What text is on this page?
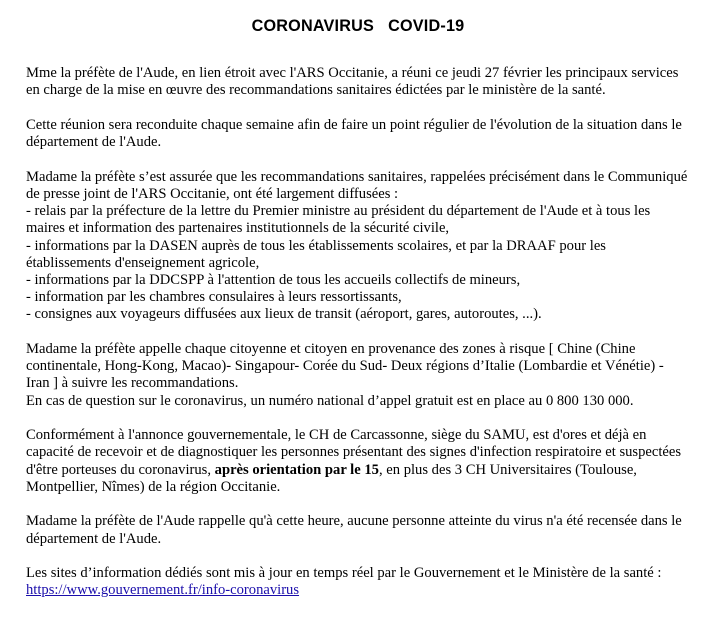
CORONAVIRUS   COVID-19

Mme la préfète de l'Aude, en lien étroit avec l'ARS Occitanie, a réuni ce jeudi 27 février les principaux services en charge de la mise en œuvre des recommandations sanitaires édictées par le ministère de la santé.

Cette réunion sera reconduite chaque semaine afin de faire un point régulier de l'évolution de la situation dans le département de l'Aude.

Madame la préfète s’est assurée que les recommandations sanitaires, rappelées précisément dans le Communiqué de presse joint de l'ARS Occitanie, ont été largement diffusées :

- relais par la préfecture de la lettre du Premier ministre au président du département de l'Aude et à tous les maires et information des partenaires institutionnels de la sécurité civile,

- informations par la DASEN auprès de tous les établissements scolaires, et par la DRAAF pour les établissements d'enseignement agricole,

- informations par la DDCSPP à l'attention de tous les accueils collectifs de mineurs,

- information par les chambres consulaires à leurs ressortissants,

- consignes aux voyageurs diffusées aux lieux de transit (aéroport, gares, autoroutes, ...).

Madame la préfète appelle chaque citoyenne et citoyen en provenance des zones à risque [ Chine (Chine continentale, Hong-Kong, Macao)- Singapour- Corée du Sud- Deux régions d’Italie (Lombardie et Vénétie) - Iran ] à suivre les recommandations.

En cas de question sur le coronavirus, un numéro national d’appel gratuit est en place au 0 800 130 000.

Conformément à l'annonce gouvernementale, le CH de Carcassonne, siège du SAMU, est d'ores et déjà en capacité de recevoir et de diagnostiquer les personnes présentant des signes d'infection respiratoire et suspectées d'être porteuses du coronavirus, après orientation par le 15, en plus des 3 CH Universitaires (Toulouse, Montpellier, Nîmes) de la région Occitanie.

Madame la préfète de l'Aude rappelle qu'à cette heure, aucune personne atteinte du virus n'a été recensée dans le département de l'Aude.

Les sites d’information dédiés sont mis à jour en temps réel par le Gouvernement et le Ministère de la santé :

https://www.gouvernement.fr/info-coronavirus
